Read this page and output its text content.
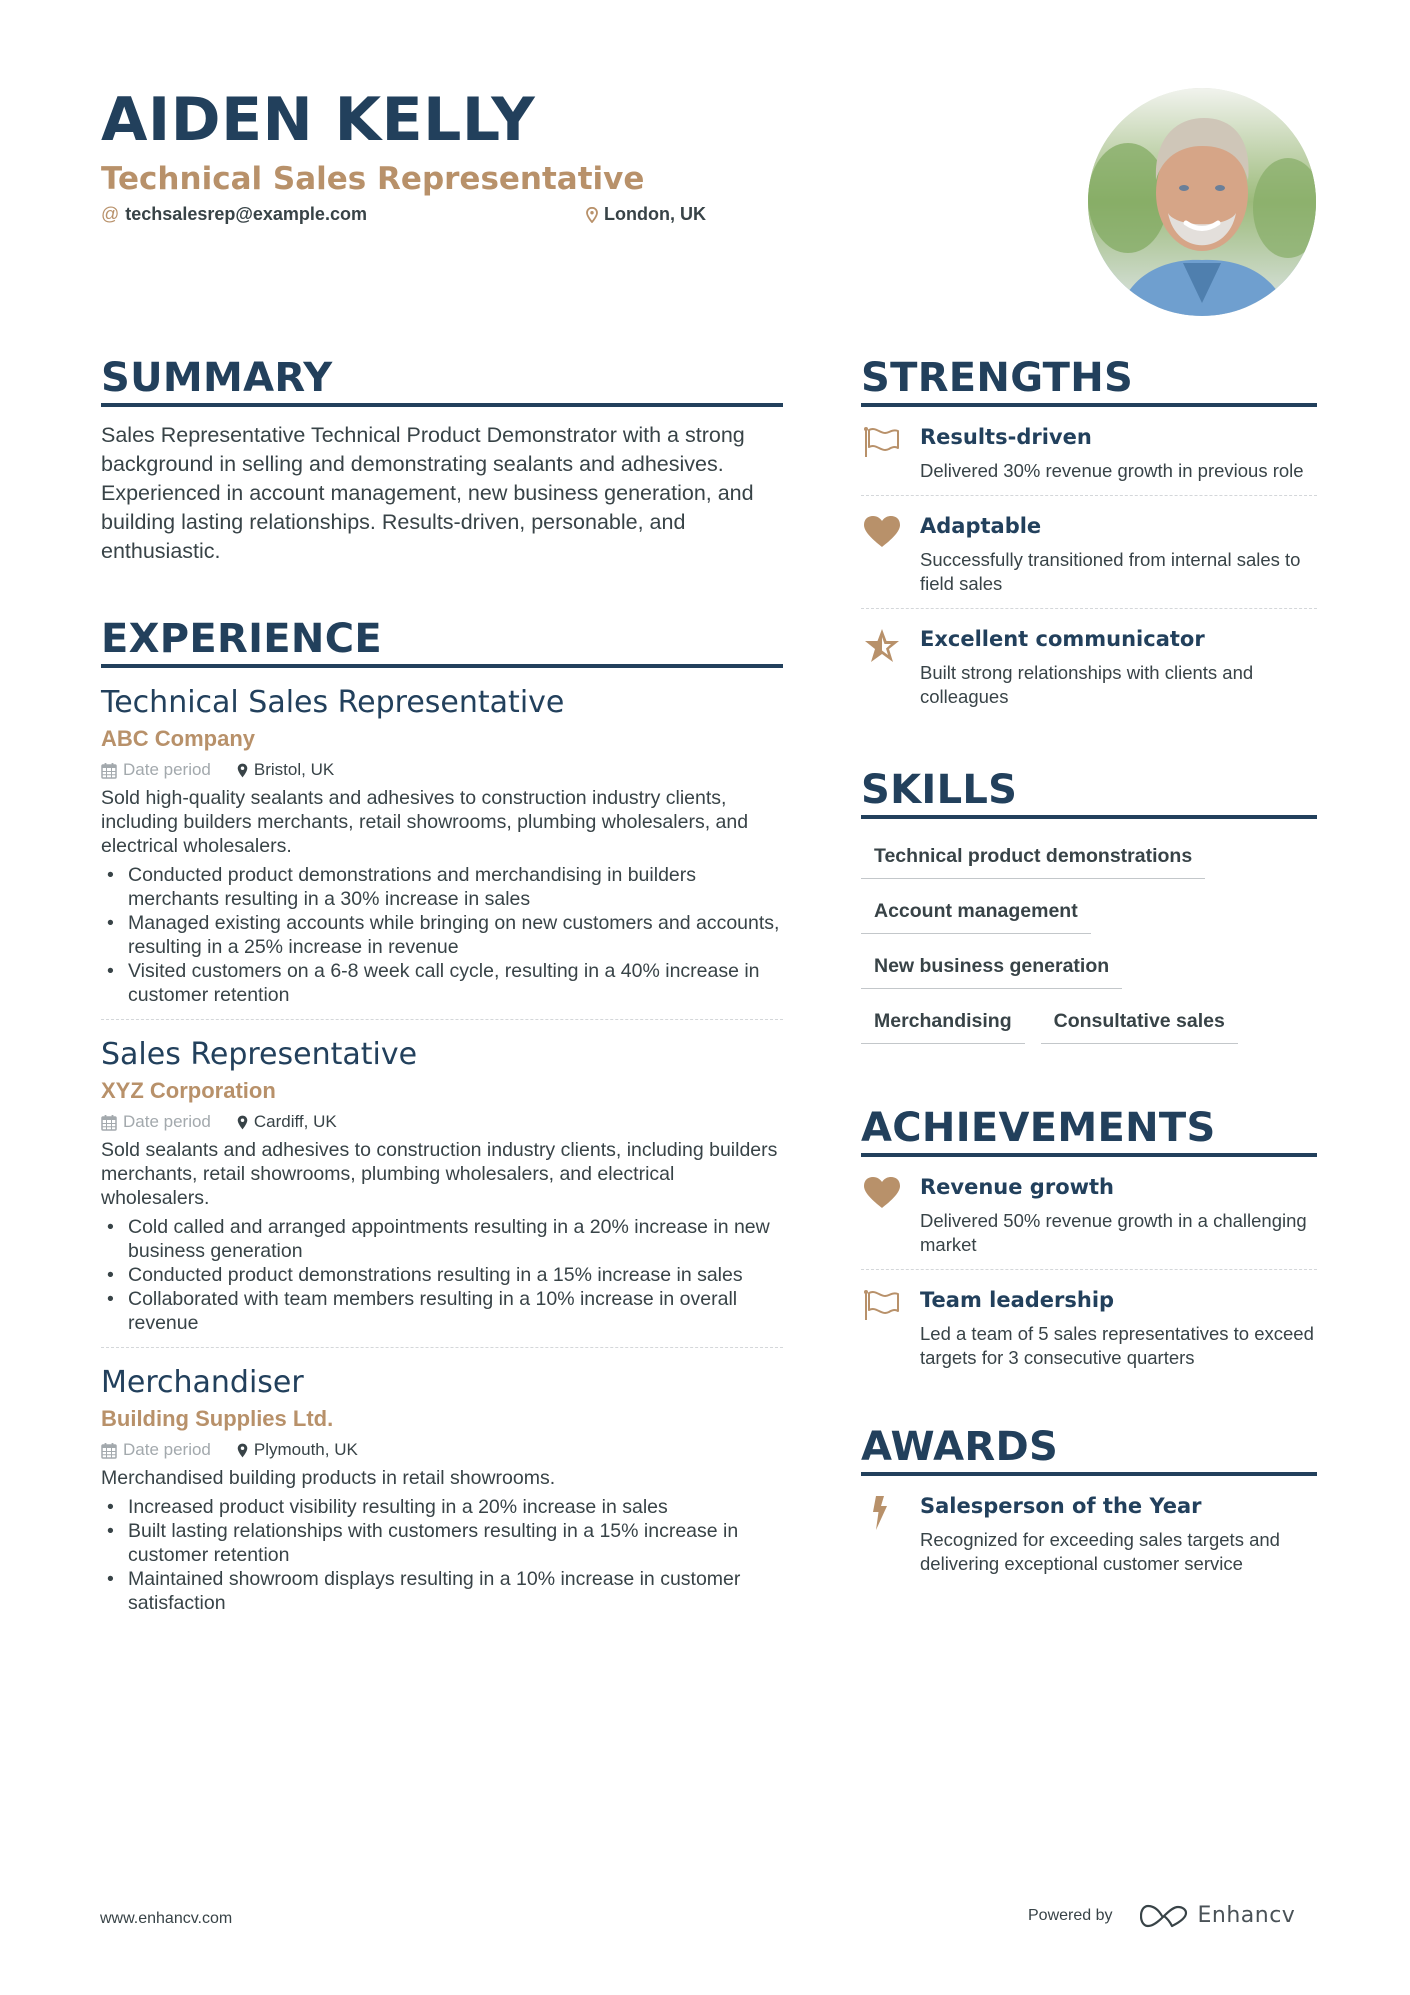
AIDEN KELLY
Technical Sales Representative
@ techsalesrep@example.com	London, UK
SUMMARY

Sales Representative Technical Product Demonstrator with a strong background in selling and demonstrating sealants and adhesives. Experienced in account management, new business generation, and building lasting relationships. Results-driven, personable, and enthusiastic.

EXPERIENCE
Technical Sales Representative
ABC Company
Date period	Bristol, UK

Sold high-quality sealants and adhesives to construction industry clients, including builders merchants, retail showrooms, plumbing wholesalers, and electrical wholesalers.

• Conducted product demonstrations and merchandising in builders merchants resulting in a 30% increase in sales
• Managed existing accounts while bringing on new customers and accounts, resulting in a 25% increase in revenue
• Visited customers on a 6-8 week call cycle, resulting in a 40% increase in customer retention
Sales Representative
XYZ Corporation
Date period	Cardiff, UK

Sold sealants and adhesives to construction industry clients, including builders merchants, retail showrooms, plumbing wholesalers, and electrical wholesalers.

• Cold called and arranged appointments resulting in a 20% increase in new business generation
• Conducted product demonstrations resulting in a 15% increase in sales
• Collaborated with team members resulting in a 10% increase in overall revenue
Merchandiser
Building Supplies Ltd.
Date period	Plymouth, UK

Merchandised building products in retail showrooms.

• Increased product visibility resulting in a 20% increase in sales
• Built lasting relationships with customers resulting in a 15% increase in customer retention
• Maintained showroom displays resulting in a 10% increase in customer satisfaction
STRENGTHS
Results-driven
Delivered 30% revenue growth in previous role
Adaptable
Successfully transitioned from internal sales to field sales
Excellent communicator
Built strong relationships with clients and colleagues
SKILLS
Technical product demonstrations
Account management
New business generation
Merchandising	Consultative sales
ACHIEVEMENTS
Revenue growth
Delivered 50% revenue growth in a challenging market
Team leadership
Led a team of 5 sales representatives to exceed targets for 3 consecutive quarters
AWARDS
Salesperson of the Year
Recognized for exceeding sales targets and delivering exceptional customer service
www.enhancv.com	Powered by	Enhancv
